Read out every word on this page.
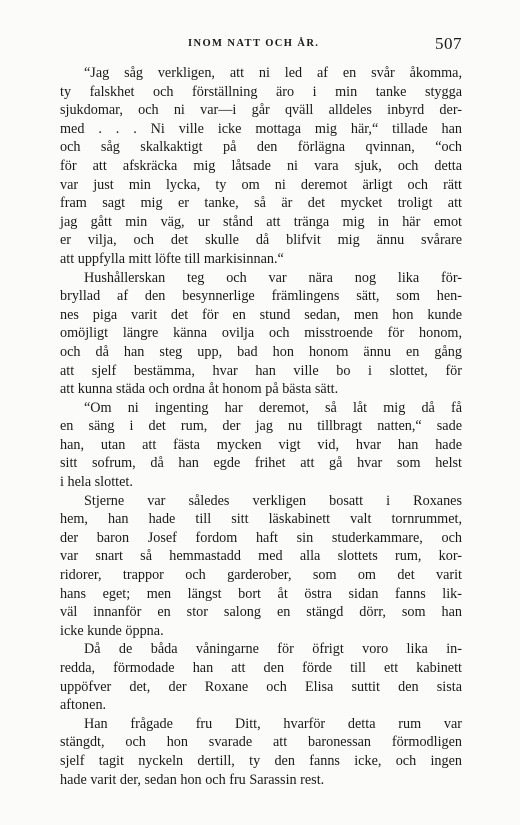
INOM NATT OCH ÅR.	507
“Jag såg verkligen, att ni led af en svår åkomma,
ty falskhet och förställning äro i min tanke stygga
sjukdomar, och ni var—i går qväll alldeles inbyrd der-
med . . . Ni ville icke mottaga mig här,“ tillade han
och såg skalkaktigt på den förlägna qvinnan, “och
för att afskräcka mig låtsade ni vara sjuk, och detta
var just min lycka, ty om ni deremot ärligt och rätt
fram sagt mig er tanke, så är det mycket troligt att
jag gått min väg, ur stånd att tränga mig in här emot
er vilja, och det skulle då blifvit mig ännu svårare
att uppfylla mitt löfte till markisinnan.“
Hushållerskan teg och var nära nog lika för-
bryllad af den besynnerlige främlingens sätt, som hen-
nes piga varit det för en stund sedan, men hon kunde
omöjligt längre känna ovilja och misstroende för honom,
och då han steg upp, bad hon honom ännu en gång
att sjelf bestämma, hvar han ville bo i slottet, för
att kunna städa och ordna åt honom på bästa sätt.
“Om ni ingenting har deremot, så låt mig då få
en säng i det rum, der jag nu tillbragt natten,“ sade
han, utan att fästa mycken vigt vid, hvar han hade
sitt sofrum, då han egde frihet att gå hvar som helst
i hela slottet.
Stjerne var således verkligen bosatt i Roxanes
hem, han hade till sitt läskabinett valt tornrummet,
der baron Josef fordom haft sin studerkammare, och
var snart så hemmastadd med alla slottets rum, kor-
ridorer, trappor och garderober, som om det varit
hans eget; men längst bort åt östra sidan fanns lik-
väl innanför en stor salong en stängd dörr, som han
icke kunde öppna.
Då de båda våningarne för öfrigt voro lika in-
redda, förmodade han att den förde till ett kabinett
uppöfver det, der Roxane och Elisa suttit den sista
aftonen.
Han frågade fru Ditt, hvarför detta rum var
stängdt, och hon svarade att baronessan förmodligen
sjelf tagit nyckeln dertill, ty den fanns icke, och ingen
hade varit der, sedan hon och fru Sarassin rest.
